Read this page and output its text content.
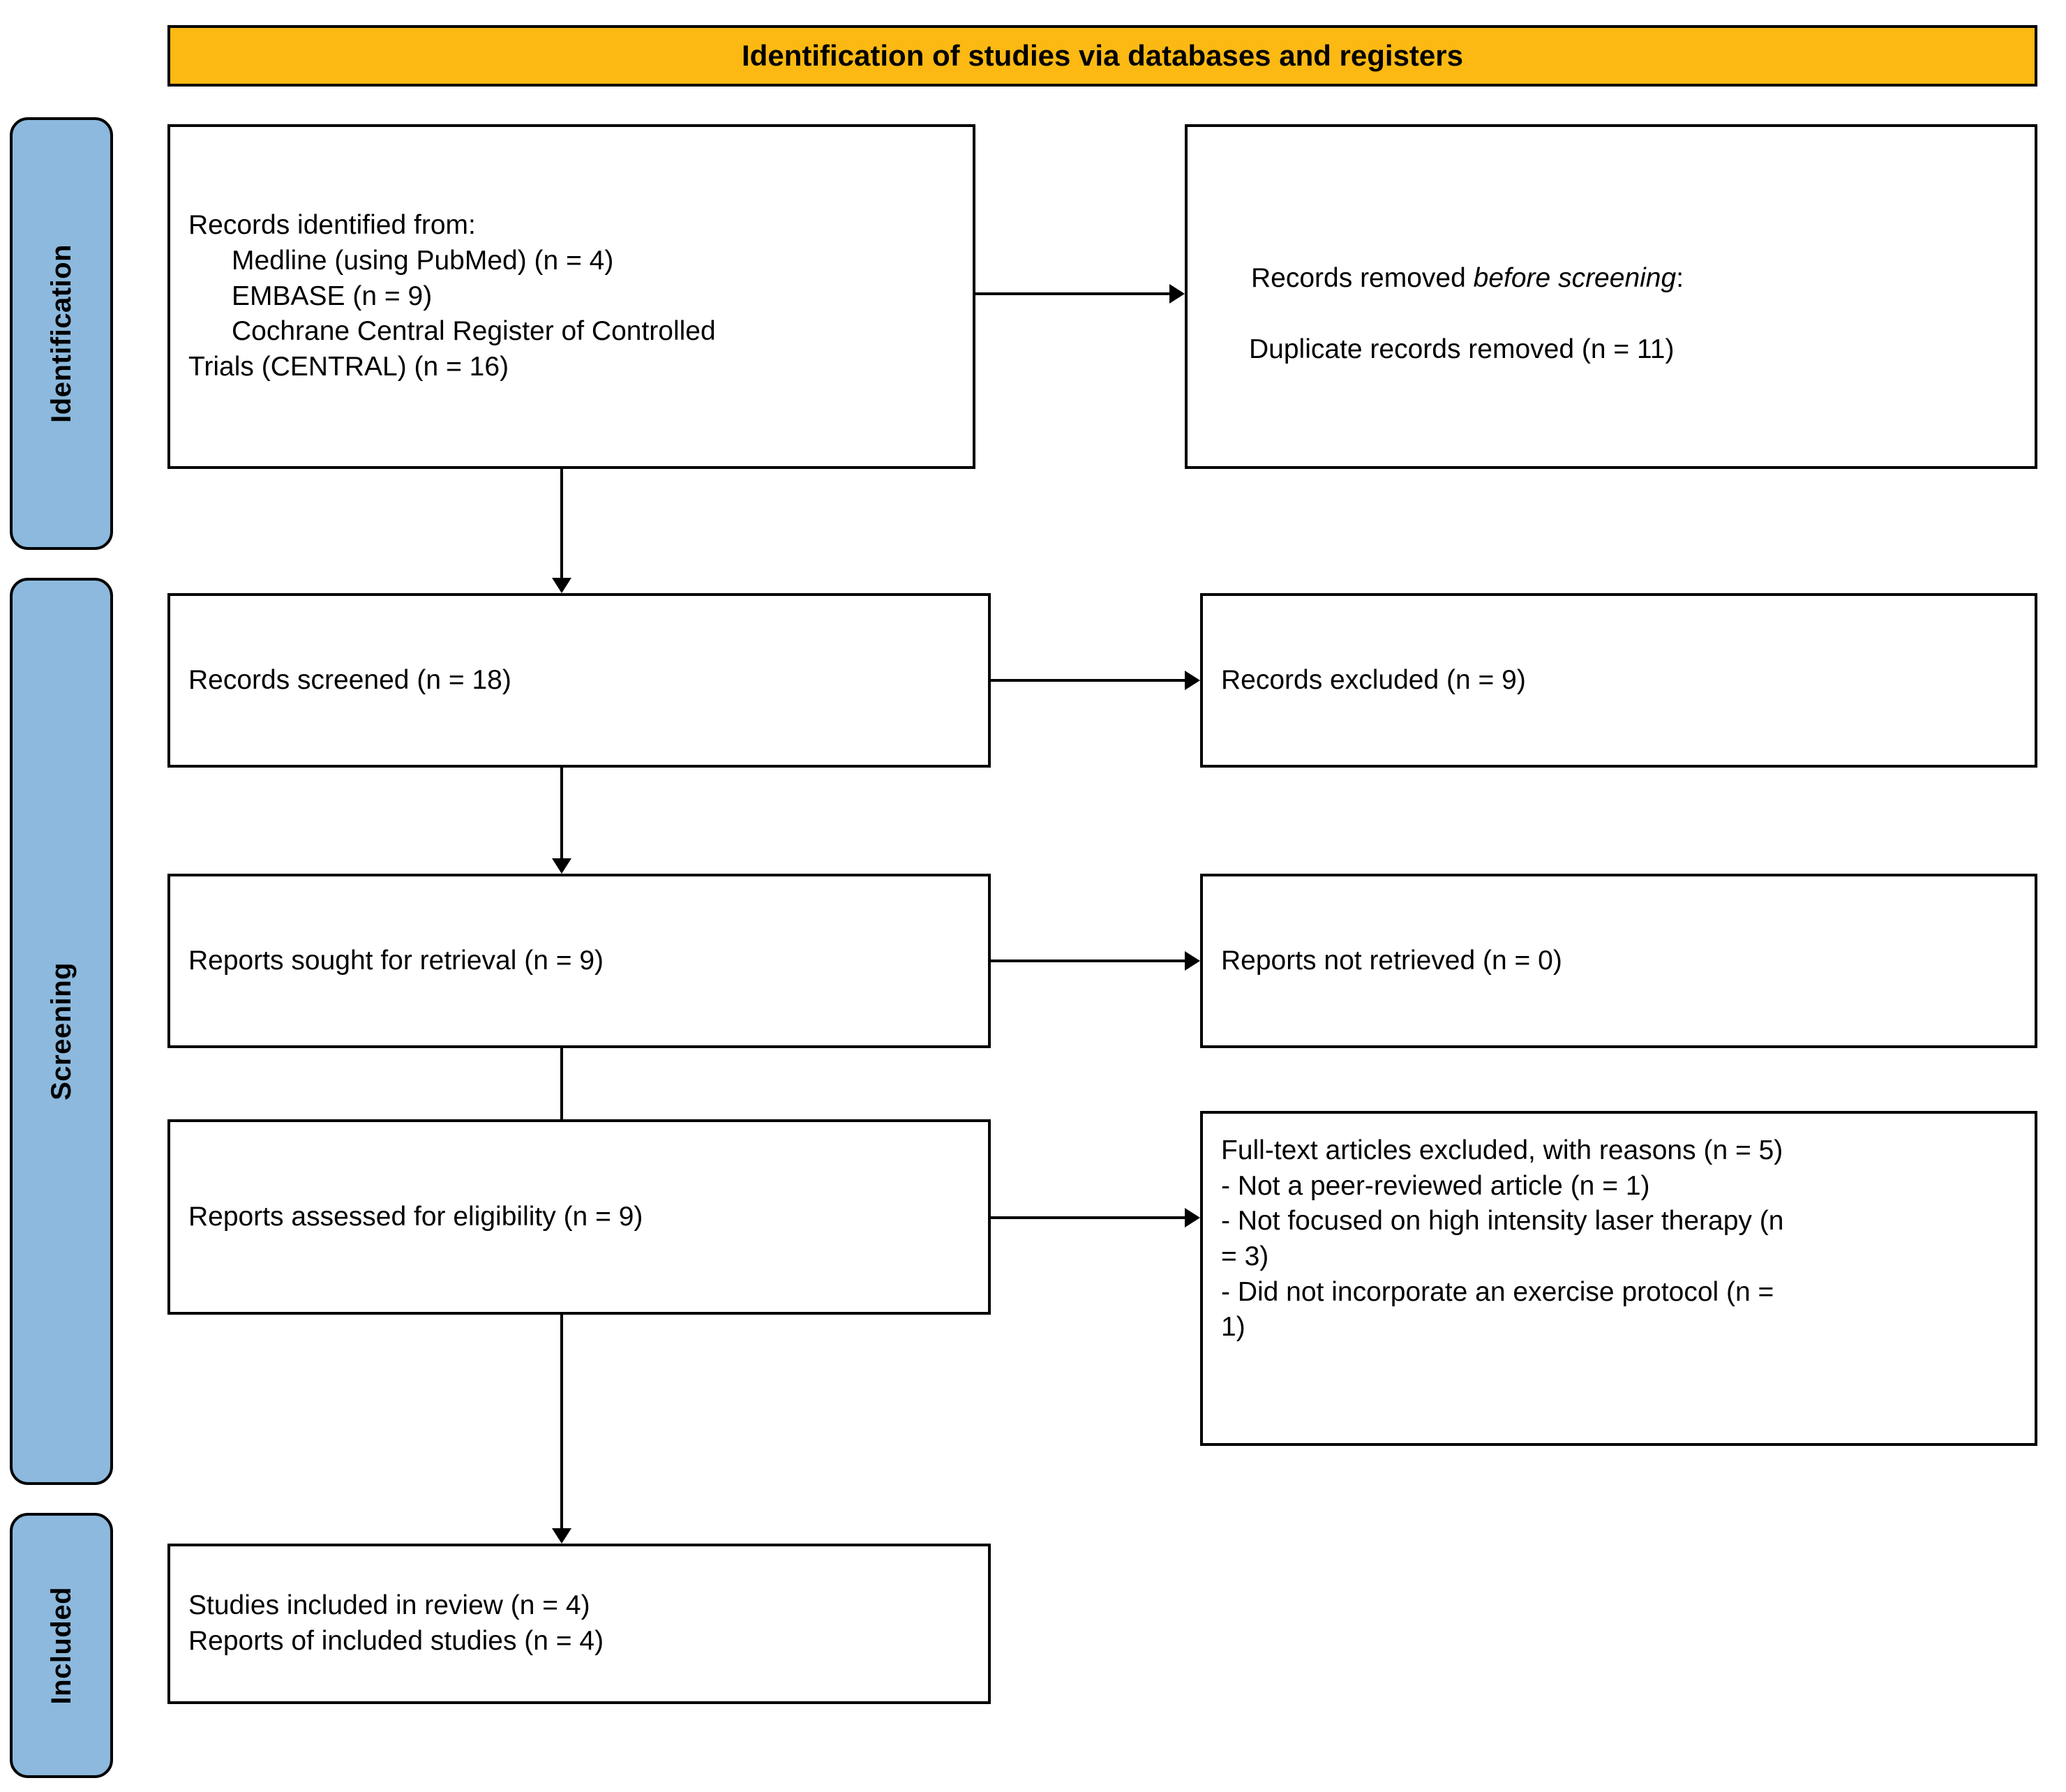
Identification
Screening
Included
Identification of studies via databases and registers
Records identified from:
Medline (using PubMed) (n = 4)
EMBASE (n = 9)
Cochrane Central Register of Controlled
Trials (CENTRAL) (n = 16)

Records removed before screening:

Duplicate records removed (n = 11)
Records screened (n = 18)	Records excluded (n = 9)
Reports sought for retrieval (n = 9)	Reports not retrieved (n = 0)
Reports assessed for eligibility (n = 9)
Full-text articles excluded, with reasons (n = 5)
- Not a peer-reviewed article (n = 1)
- Not focused on high intensity laser therapy (n
= 3)
- Did not incorporate an exercise protocol (n =
1)
Studies included in review (n = 4)
Reports of included studies (n = 4)
